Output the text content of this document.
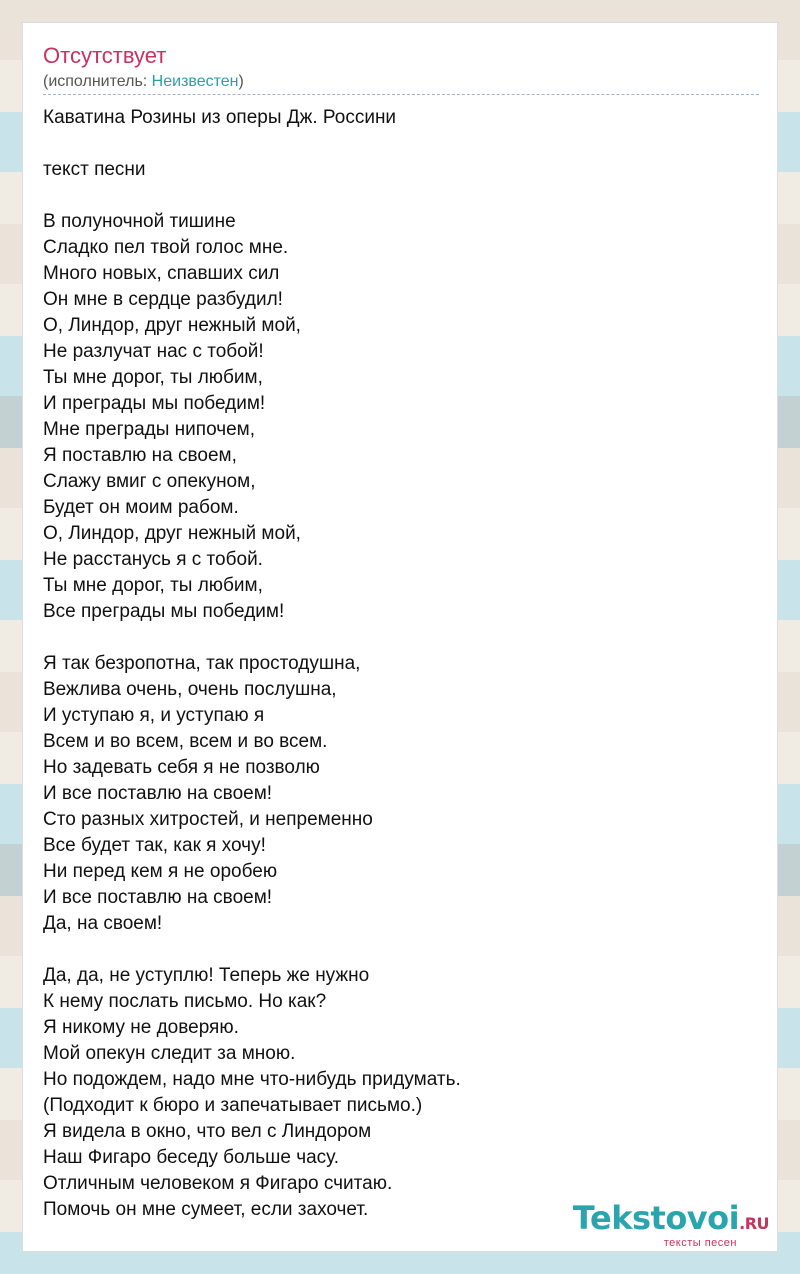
Отсутствует
(исполнитель: Неизвестен)
Каватина Розины из оперы Дж. Россини
текст песни
В полуночной тишине
Сладко пел твой голос мне.
Много новых, спавших сил
Он мне в сердце разбудил!
О, Линдор, друг нежный мой,
Не разлучат нас с тобой!
Ты мне дорог, ты любим,
И преграды мы победим!
Мне преграды нипочем,
Я поставлю на своем,
Слажу вмиг с опекуном,
Будет он моим рабом.
О, Линдор, друг нежный мой,
Не расстанусь я с тобой.
Ты мне дорог, ты любим,
Все преграды мы победим!
Я так безропотна, так простодушна,
Вежлива очень, очень послушна,
И уступаю я, и уступаю я
Всем и во всем, всем и во всем.
Но задевать себя я не позволю
И все поставлю на своем!
Сто разных хитростей, и непременно
Все будет так, как я хочу!
Ни перед кем я не оробею
И все поставлю на своем!
Да, на своем!
Да, да, не уступлю! Теперь же нужно
К нему послать письмо. Но как?
Я никому не доверяю.
Мой опекун следит за мною.
Но подождем, надо мне что-нибудь придумать.
(Подходит к бюро и запечатывает письмо.)
Я видела в окно, что вел с Линдором
Наш Фигаро беседу больше часу.
Отличным человеком я Фигаро считаю.
Помочь он мне сумеет, если захочет.	Tekstovoi.RU
тексты песен
